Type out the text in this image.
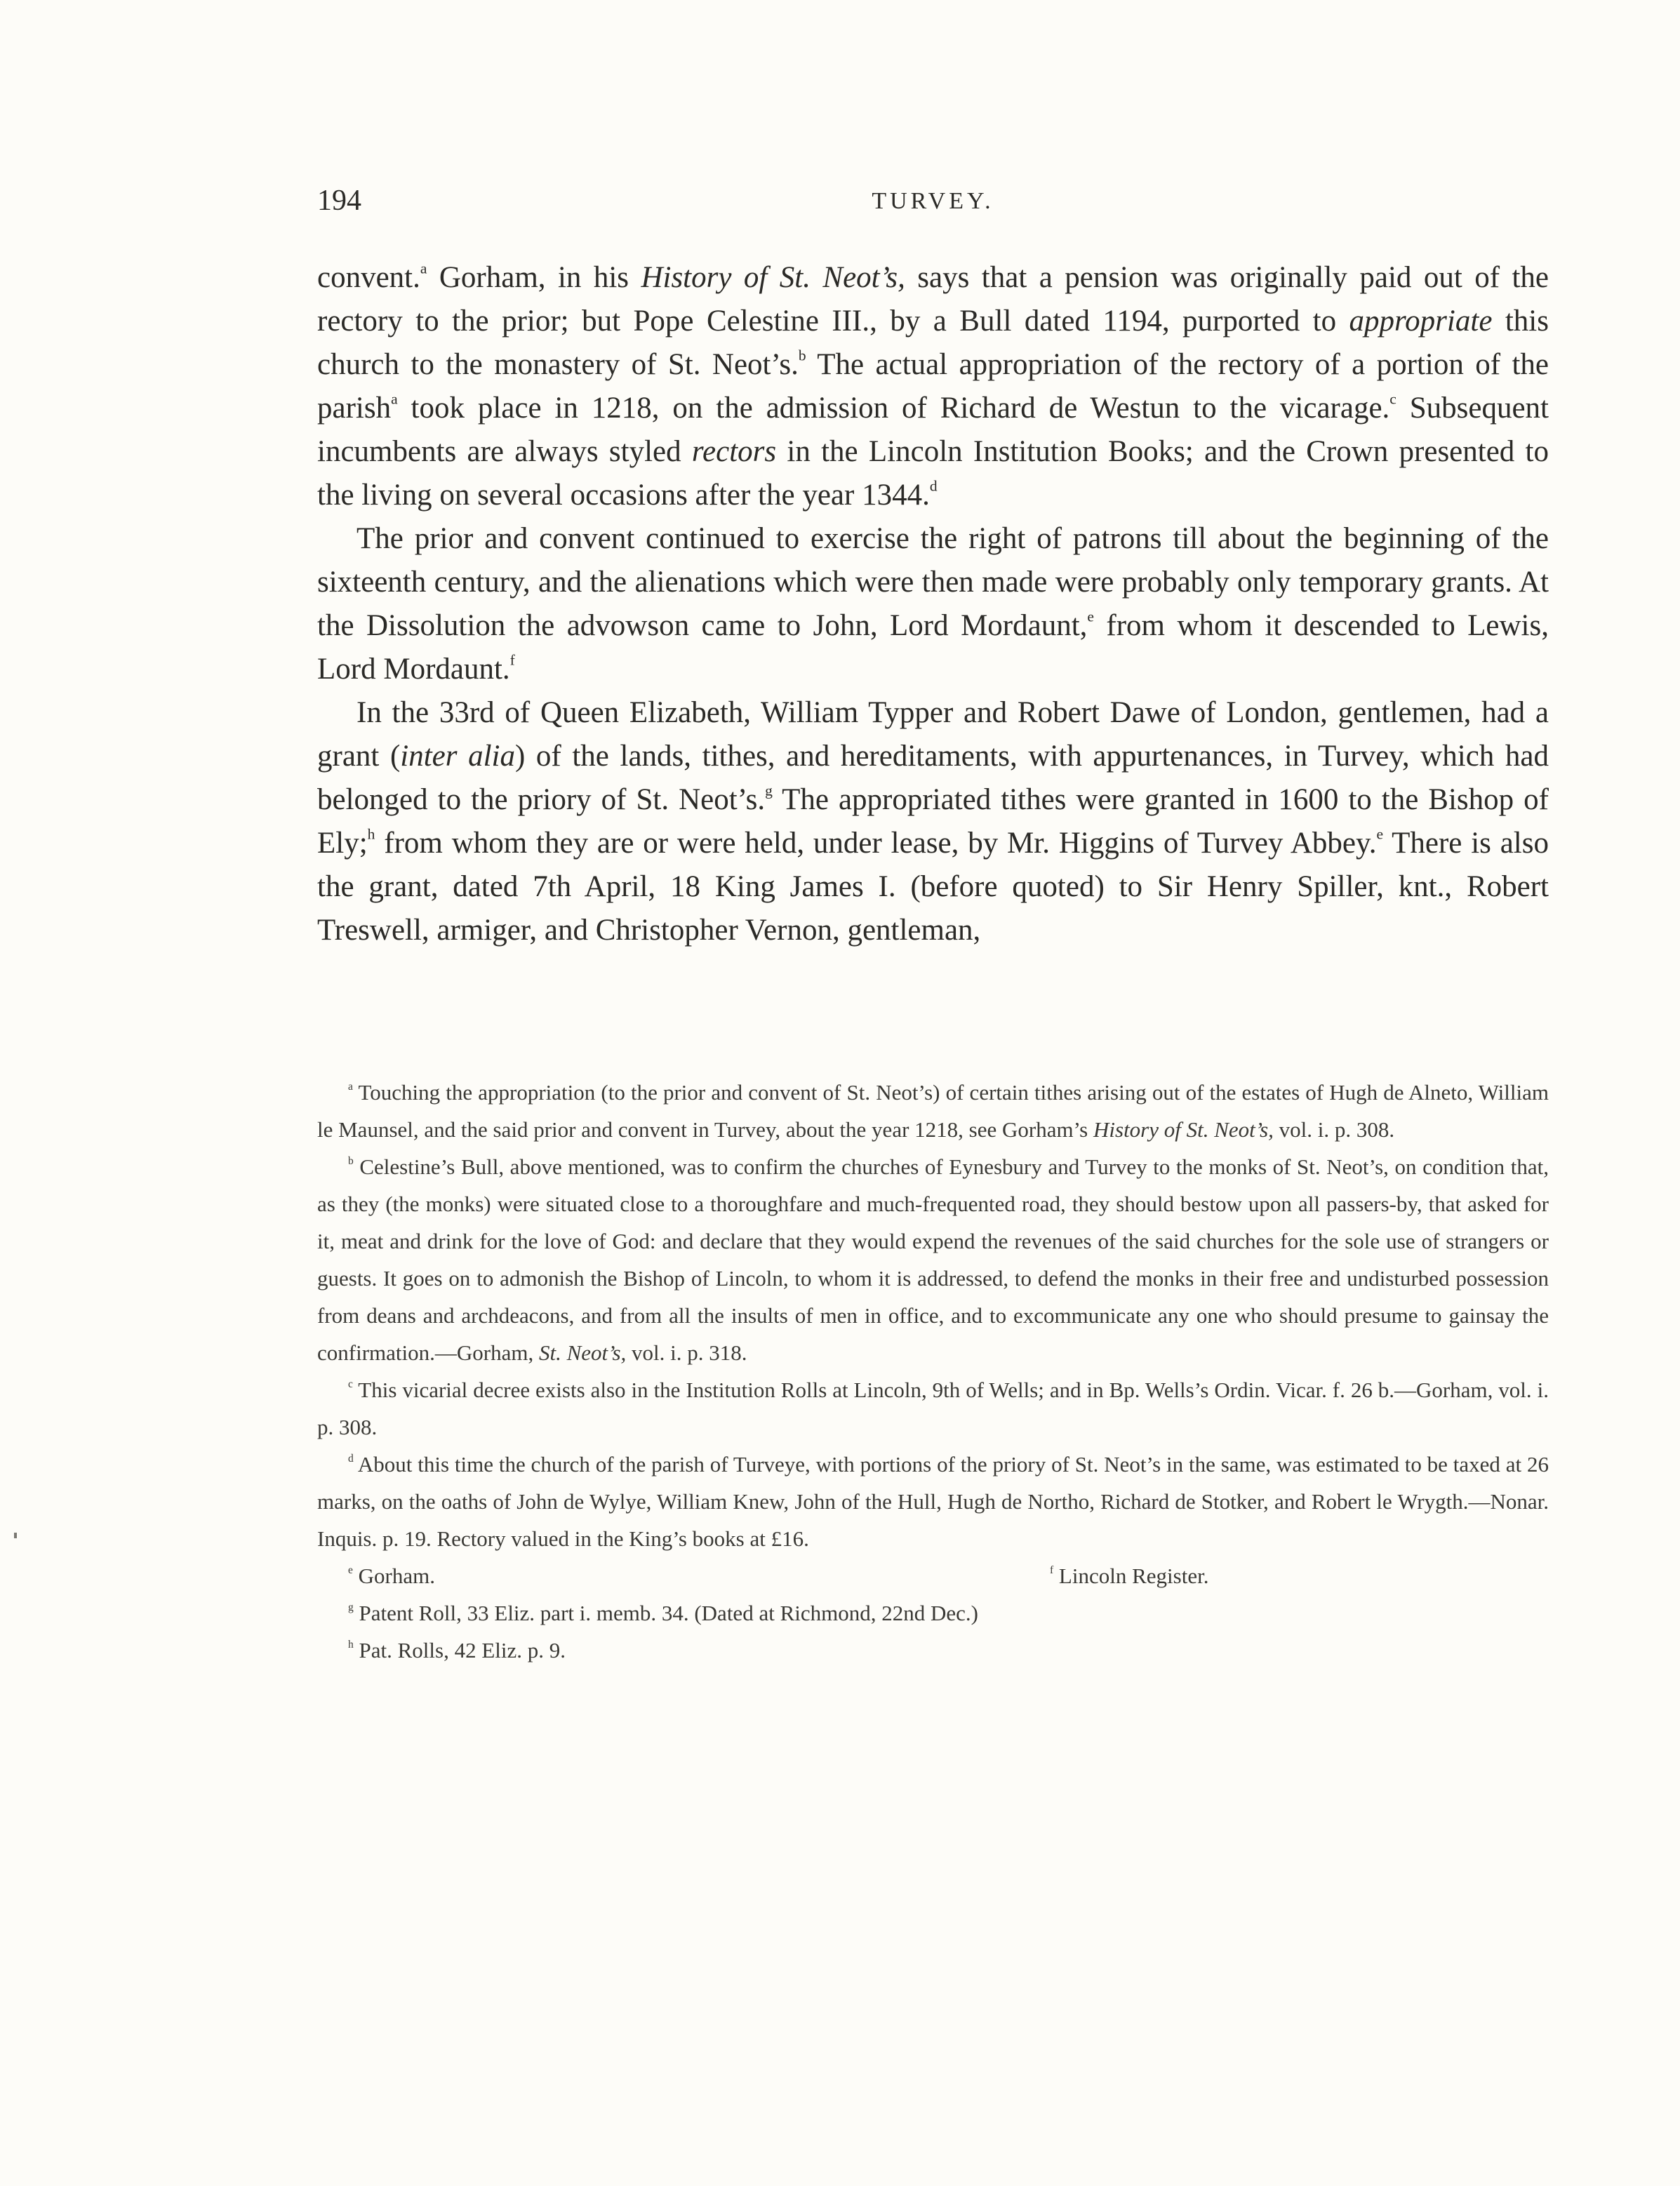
194	TURVEY.

convent.$^a$ Gorham, in his History of St. Neot’s, says that a pension was originally paid out of the rectory to the prior; but Pope Celestine III., by a Bull dated 1194, purported to appropriate this church to the monastery of St. Neot’s.$^b$ The actual appropriation of the rectory of a portion of the parish$^a$ took place in 1218, on the admission of Richard de Westun to the vicarage.$^c$ Subsequent incumbents are always styled rectors in the Lincoln Institution Books; and the Crown presented to the living on several occasions after the year 1344.$^d$

The prior and convent continued to exercise the right of patrons till about the beginning of the sixteenth century, and the alienations which were then made were probably only temporary grants. At the Dissolution the advowson came to John, Lord Mordaunt,$^e$ from whom it descended to Lewis, Lord Mordaunt.$^f$

In the 33rd of Queen Elizabeth, William Typper and Robert Dawe of London, gentlemen, had a grant (inter alia) of the lands, tithes, and hereditaments, with appurtenances, in Turvey, which had belonged to the priory of St. Neot’s.$^g$ The appropriated tithes were granted in 1600 to the Bishop of Ely;$^h$ from whom they are or were held, under lease, by Mr. Higgins of Turvey Abbey.$^e$ There is also the grant, dated 7th April, 18 King James I. (before quoted) to Sir Henry Spiller, knt., Robert Treswell, armiger, and Christopher Vernon, gentleman,

$^a$ Touching the appropriation (to the prior and convent of St. Neot’s) of certain tithes arising out of the estates of Hugh de Alneto, William le Maunsel, and the said prior and convent in Turvey, about the year 1218, see Gorham’s History of St. Neot’s, vol. i. p. 308.

$^b$ Celestine’s Bull, above mentioned, was to confirm the churches of Eynesbury and Turvey to the monks of St. Neot’s, on condition that, as they (the monks) were situated close to a thoroughfare and much-frequented road, they should bestow upon all passers-by, that asked for it, meat and drink for the love of God: and declare that they would expend the revenues of the said churches for the sole use of strangers or guests. It goes on to admonish the Bishop of Lincoln, to whom it is addressed, to defend the monks in their free and undisturbed possession from deans and archdeacons, and from all the insults of men in office, and to excommunicate any one who should presume to gainsay the confirmation.—Gorham, St. Neot’s, vol. i. p. 318.

$^c$ This vicarial decree exists also in the Institution Rolls at Lincoln, 9th of Wells; and in Bp. Wells’s Ordin. Vicar. f. 26 b.—Gorham, vol. i. p. 308.

$^d$ About this time the church of the parish of Turveye, with portions of the priory of St. Neot’s in the same, was estimated to be taxed at 26 marks, on the oaths of John de Wylye, William Knew, John of the Hull, Hugh de Northo, Richard de Stotker, and Robert le Wrygth.—Nonar. Inquis. p. 19. Rectory valued in the King’s books at £16.

$^e$ Gorham.	$^f$ Lincoln Register.
$^g$ Patent Roll, 33 Eliz. part i. memb. 34. (Dated at Richmond, 22nd Dec.)
$^h$ Pat. Rolls, 42 Eliz. p. 9.
